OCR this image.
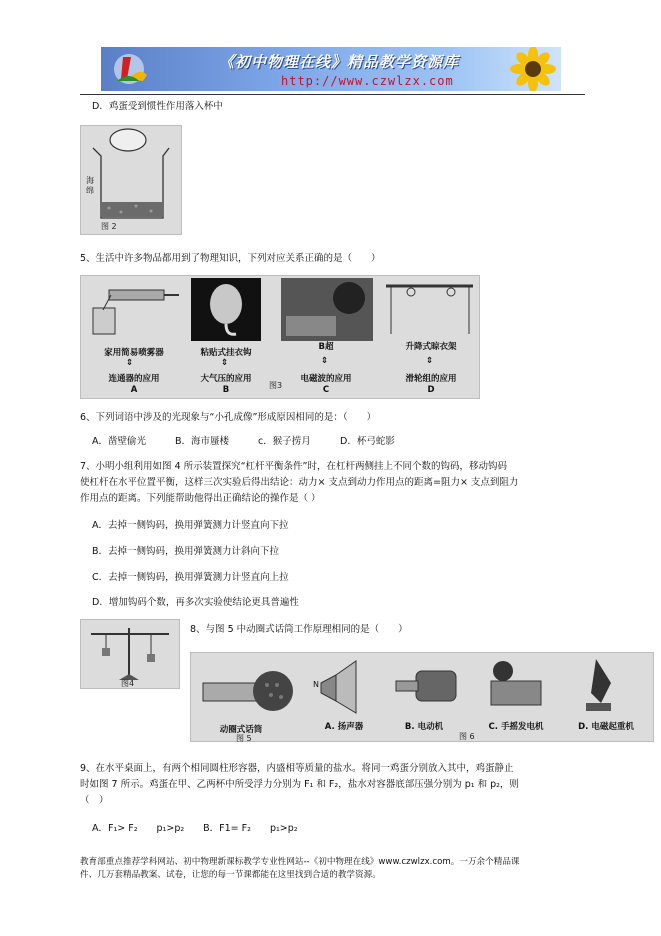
《初中物理在线》精品教学资源库
http://www.czwlzx.com
D．鸡蛋受到惯性作用落入杯中
海绵
图 2
5、生活中许多物品都用到了物理知识，下列对应关系正确的是（　　）
家用简易喷雾器
⇕
连通器的应用
A
粘贴式挂衣钩
⇕
大气压的应用
B	图3
B超
⇕
电磁波的应用
C
升降式晾衣架
⇕
滑轮组的应用
D
6、下列词语中涉及的光现象与“小孔成像”形成原因相同的是：（　　）
A．凿壁偷光	B．海市蜃楼	c．猴子捞月	D．杯弓蛇影
7、小明小组利用如图 4 所示装置探究“杠杆平衡条件”时，在杠杆两侧挂上不同个数的钩码，移动钩码
使杠杆在水平位置平衡，这样三次实验后得出结论：动力× 支点到动力作用点的距离=阻力× 支点到阻力
作用点的距离。下列能帮助他得出正确结论的操作是（ ）
A．去掉一侧钩码，换用弹簧测力计竖直向下拉
B．去掉一侧钩码，换用弹簧测力计斜向下拉
C．去掉一侧钩码，换用弹簧测力计竖直向上拉
D．增加钩码个数，再多次实验使结论更具普遍性
图4
8、与图 5 中动圈式话筒工作原理相同的是（　　）
N
动圈式话筒
图 5
A. 扬声器	B. 电动机
图 6
C. 手摇发电机	D. 电磁起重机
9、在水平桌面上，有两个相同圆柱形容器，内盛相等质量的盐水。将同一鸡蛋分别放入其中，鸡蛋静止
时如图 7 所示。鸡蛋在甲、乙两杯中所受浮力分别为 F₁ 和 F₂，盐水对容器底部压强分别为 p₁ 和 p₂，则
（　）
A．F₁> F₂　　p₁>p₂　　B．F1= F₂　　p₁>p₂
教育部重点推荐学科网站、初中物理新课标教学专业性网站--《初中物理在线》www.czwlzx.com。一万余个精品课
件、几万套精品教案、试卷，让您的每一节课都能在这里找到合适的教学资源。
